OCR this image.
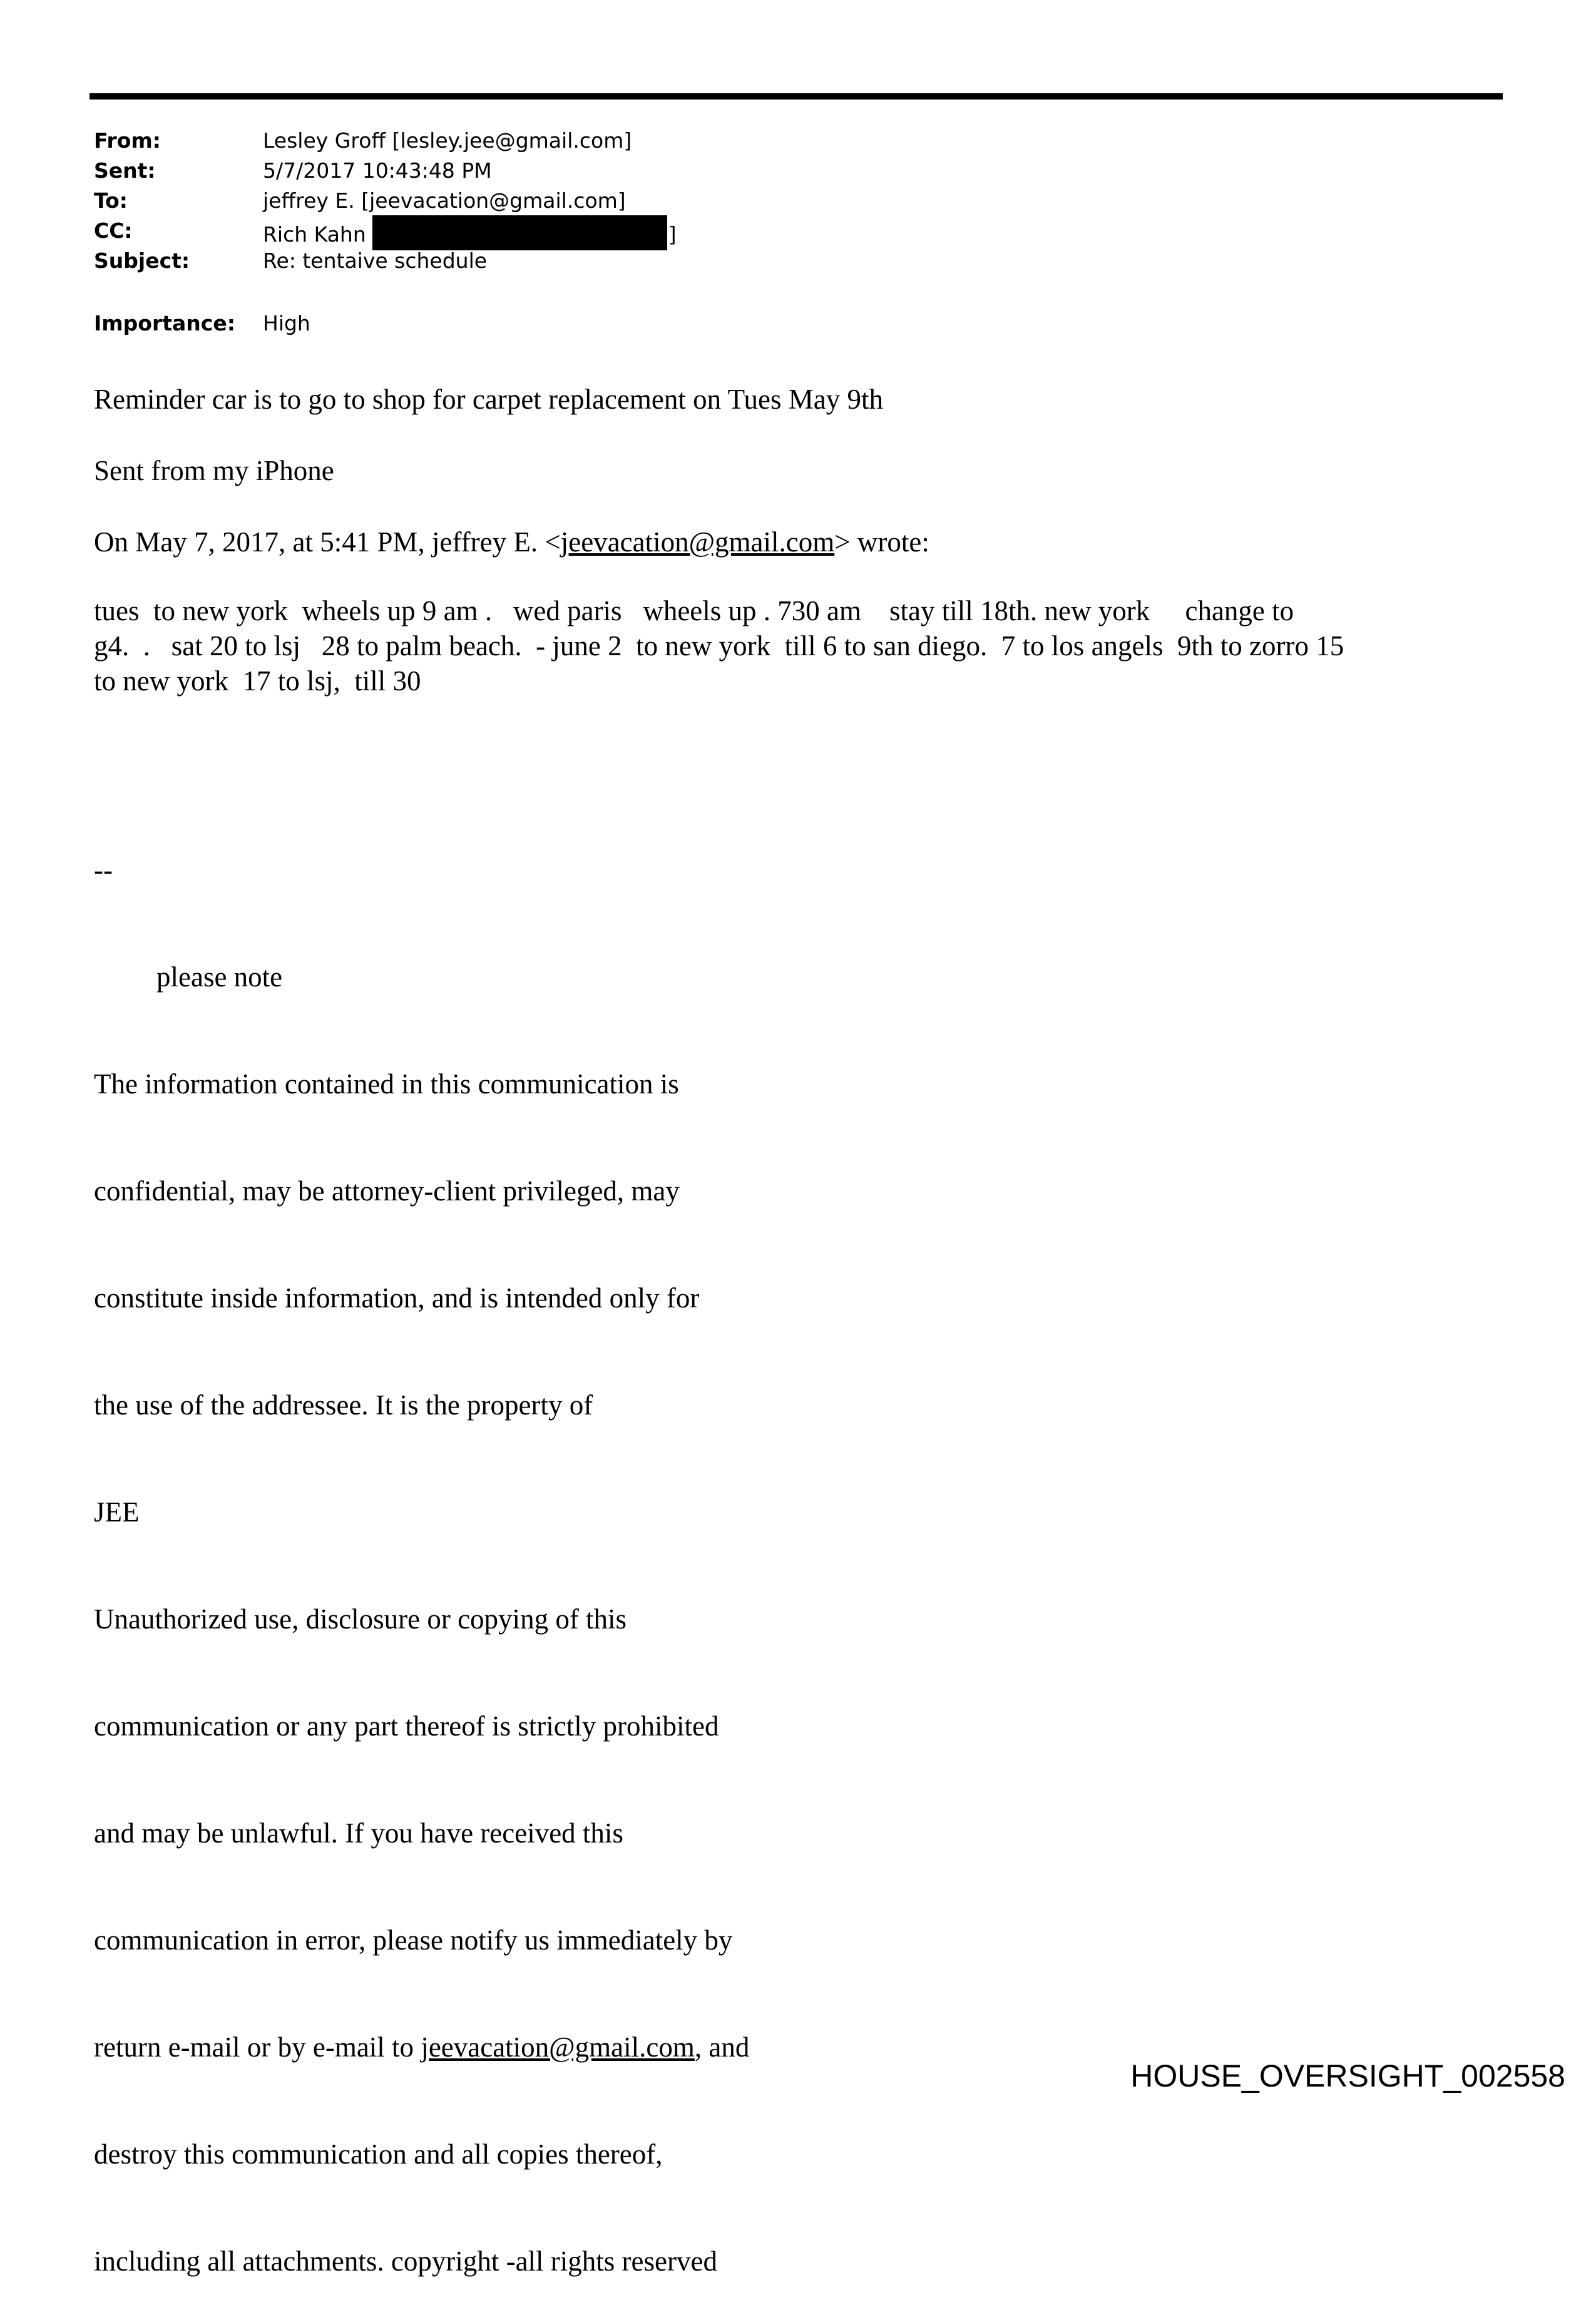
From:	Lesley Groff [lesley.jee@gmail.com]
Sent:	5/7/2017 10:43:48 PM
To:	jeffrey E. [jeevacation@gmail.com]
CC:	Rich Kahn	]
Subject:	Re: tentaive schedule
Importance: High

Reminder car is to go to shop for carpet replacement on Tues May 9th

Sent from my iPhone

On May 7, 2017, at 5:41 PM, jeffrey E. <jeevacation@gmail.com> wrote:

tues  to new york  wheels up 9 am .   wed paris   wheels up . 730 am    stay till 18th. new york     change to

g4.  .   sat 20 to lsj   28 to palm beach.  - june 2  to new york  till 6 to san diego.  7 to los angels  9th to zorro 15

to new york  17 to lsj,  till 30

--

please note

The information contained in this communication is

confidential, may be attorney-client privileged, may

constitute inside information, and is intended only for

the use of the addressee. It is the property of

JEE

Unauthorized use, disclosure or copying of this

communication or any part thereof is strictly prohibited

and may be unlawful. If you have received this

communication in error, please notify us immediately by

return e-mail or by e-mail to jeevacation@gmail.com, and

destroy this communication and all copies thereof,

including all attachments. copyright -all rights reserved

HOUSE_OVERSIGHT_002558
